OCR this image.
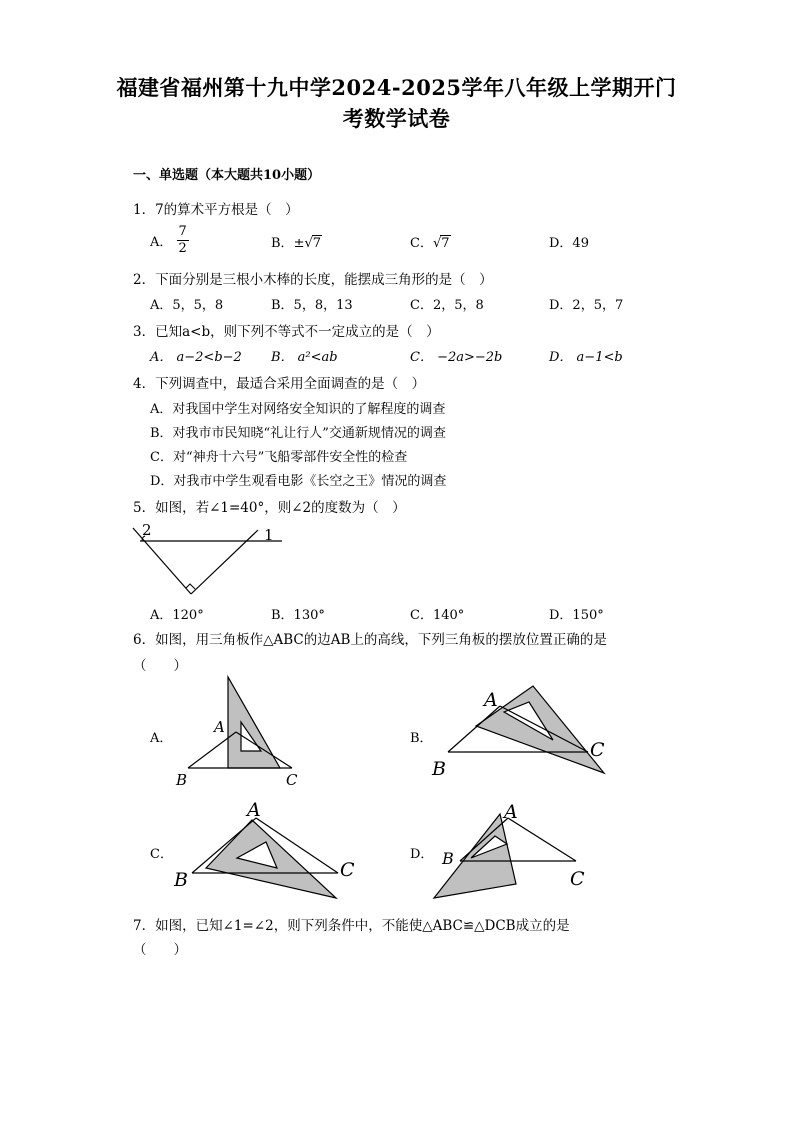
福建省福州第十九中学2024-2025学年八年级上学期开门
考数学试卷
一、单选题（本大题共10小题）
1．7的算术平方根是（　）
A． $\frac{7}{2}$	B．±√7	C．√7	D．49
2．下面分别是三根小木棒的长度，能摆成三角形的是（　）
A．5，5，8	B．5，8，13	C．2，5，8	D．2，5，7
3．已知a<b，则下列不等式不一定成立的是（　）
A． a−2<b−2 B． a²<ab	C． −2a>−2b	D． a−1<b
4．下列调查中，最适合采用全面调查的是（　）
A．对我国中学生对网络安全知识的了解程度的调查
B．对我市市民知晓“礼让行人”交通新规情况的调查
C．对“神舟十六号”飞船零部件安全性的检查
D．对我市中学生观看电影《长空之王》情况的调查
5．如图，若∠1=40°，则∠2的度数为（　）
2	1
A．120°	B．130°	C．140°	D．150°
6．如图，用三角板作△ABC的边AB上的高线，下列三角板的摆放位置正确的是
（　　）
A．
A
B	C
B．
A
B
C
C．
A
B	C
D．
A
B
C
7．如图，已知∠1=∠2，则下列条件中，不能使△ABC≌△DCB成立的是
（　　）
